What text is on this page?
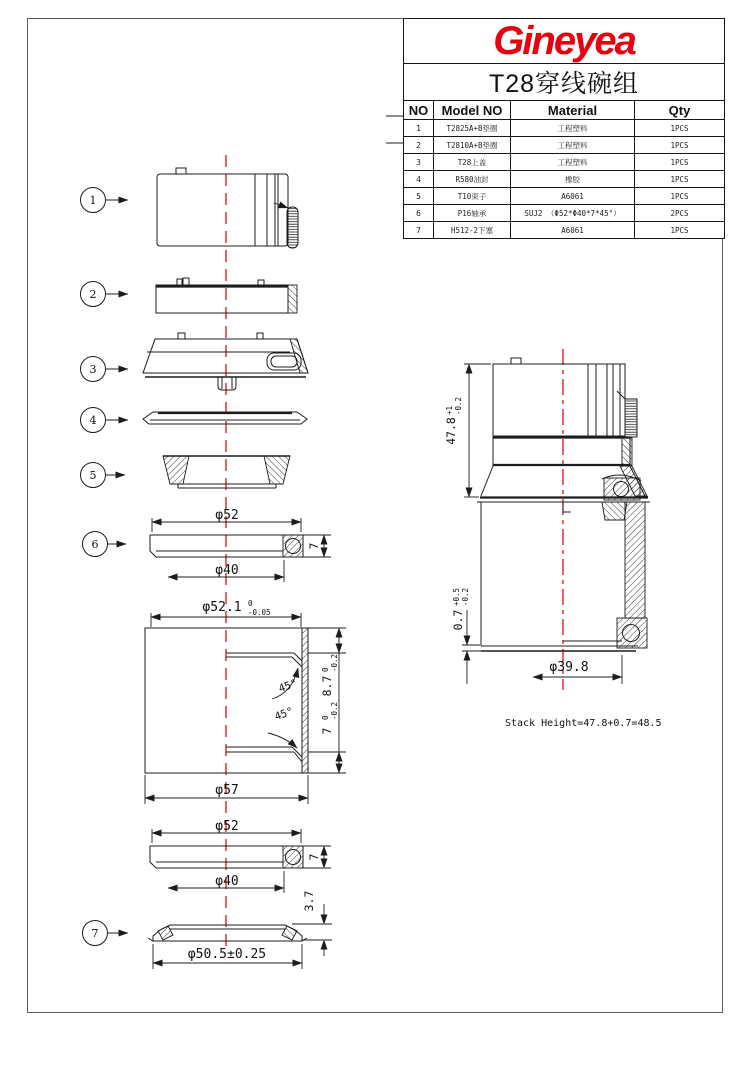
Gineyea			
T28穿线碗组			
NO	Model NO	Material	Qty
1	T2825A+B垫圈	工程塑料	1PCS
2	T2810A+B垫圈	工程塑料	1PCS
3	T28上盖	工程塑料	1PCS
4	R580油封	橡胶	1PCS
5	T10束子	A6061	1PCS
6	P16轴承	SUJ2 （Φ52*Φ40*7*45°）	2PCS
7	H512-2下塞	A6061	1PCS
1
2
3
4
5
6
7
φ52
φ40
7
φ52.1 0
-0.05
45°
45°
8.7
0 -0.2
7
0 -0.2
φ57
φ52
φ40
7
3.7
φ50.5±0.25
47.8
+1 -0.2
0.7
+0.5 -0.2
φ39.8
Stack Height=47.8+0.7=48.5
